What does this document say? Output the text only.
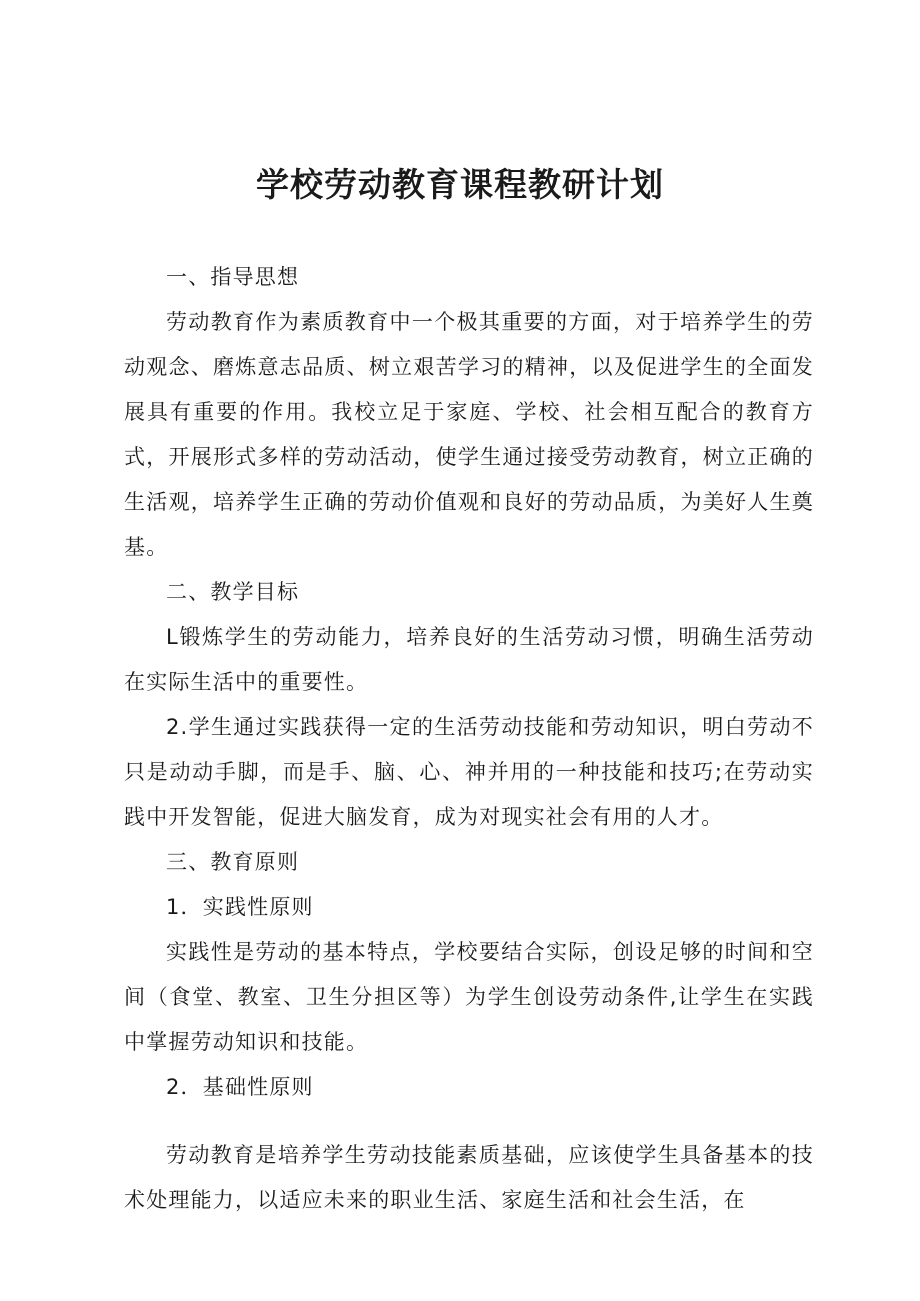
学校劳动教育课程教研计划

一、指导思想

劳动教育作为素质教育中一个极其重要的方面，对于培养学生的劳动观念、磨炼意志品质、树立艰苦学习的精神，以及促进学生的全面发展具有重要的作用。我校立足于家庭、学校、社会相互配合的教育方式，开展形式多样的劳动活动，使学生通过接受劳动教育，树立正确的生活观，培养学生正确的劳动价值观和良好的劳动品质，为美好人生奠基。

二、教学目标

L锻炼学生的劳动能力，培养良好的生活劳动习惯，明确生活劳动在实际生活中的重要性。

2.学生通过实践获得一定的生活劳动技能和劳动知识，明白劳动不只是动动手脚，而是手、脑、心、神并用的一种技能和技巧;在劳动实践中开发智能，促进大脑发育，成为对现实社会有用的人才。

三、教育原则

1．实践性原则

实践性是劳动的基本特点，学校要结合实际，创设足够的时间和空间（食堂、教室、卫生分担区等）为学生创设劳动条件,让学生在实践中掌握劳动知识和技能。

2．基础性原则

劳动教育是培养学生劳动技能素质基础，应该使学生具备基本的技术处理能力，以适应未来的职业生活、家庭生活和社会生活，在
